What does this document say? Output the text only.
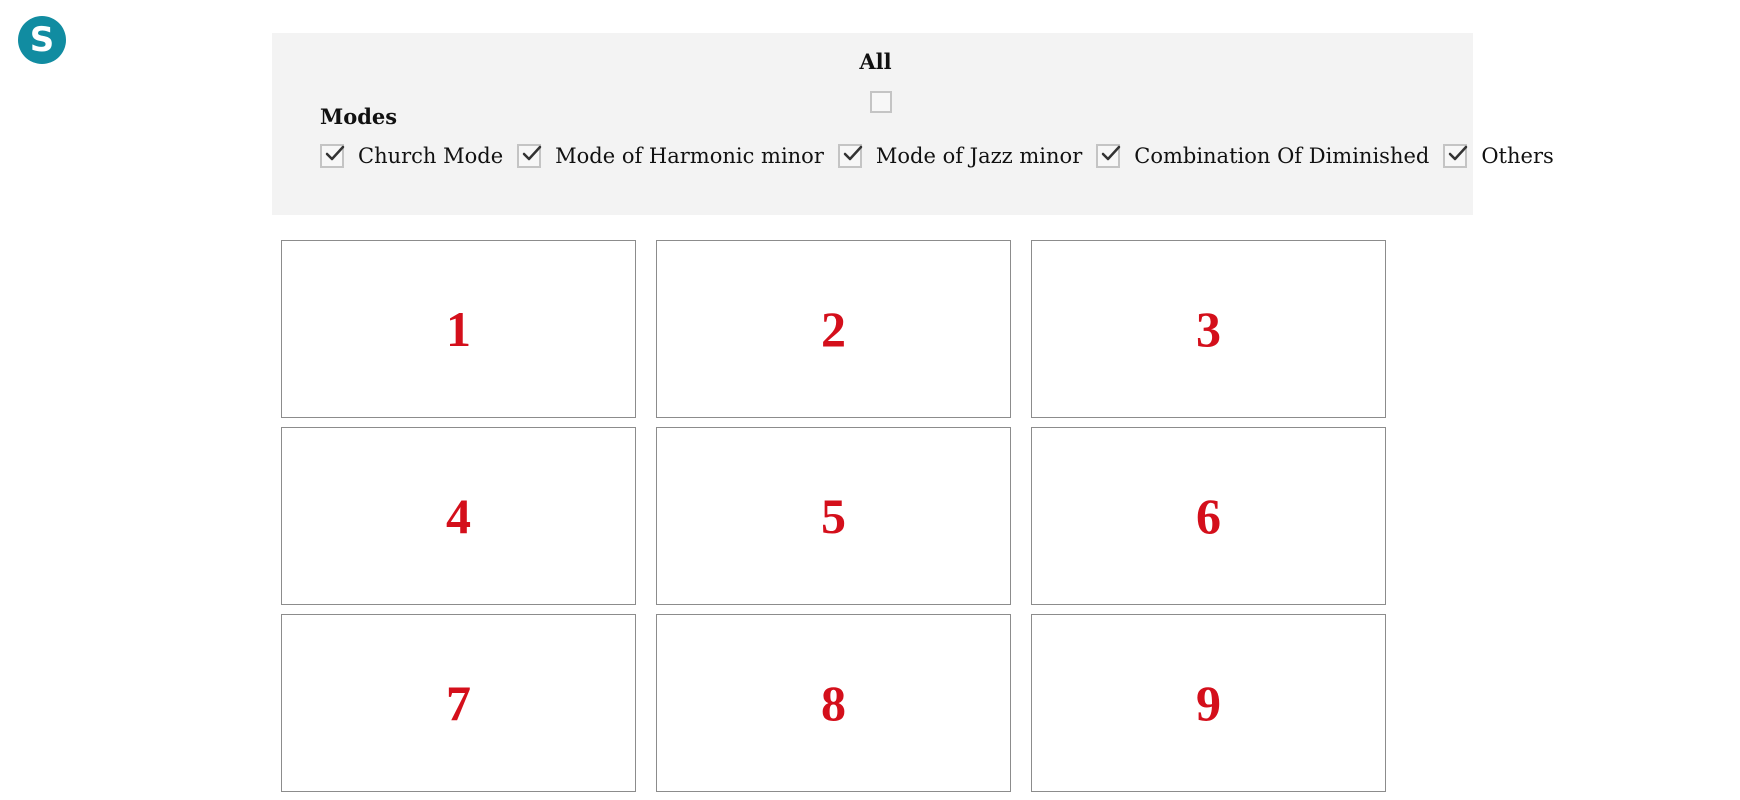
S
All
Modes
Church Mode Mode of Harmonic minor Mode of Jazz minor Combination Of Diminished Others
1	2	3
4	5	6
7	8	9
